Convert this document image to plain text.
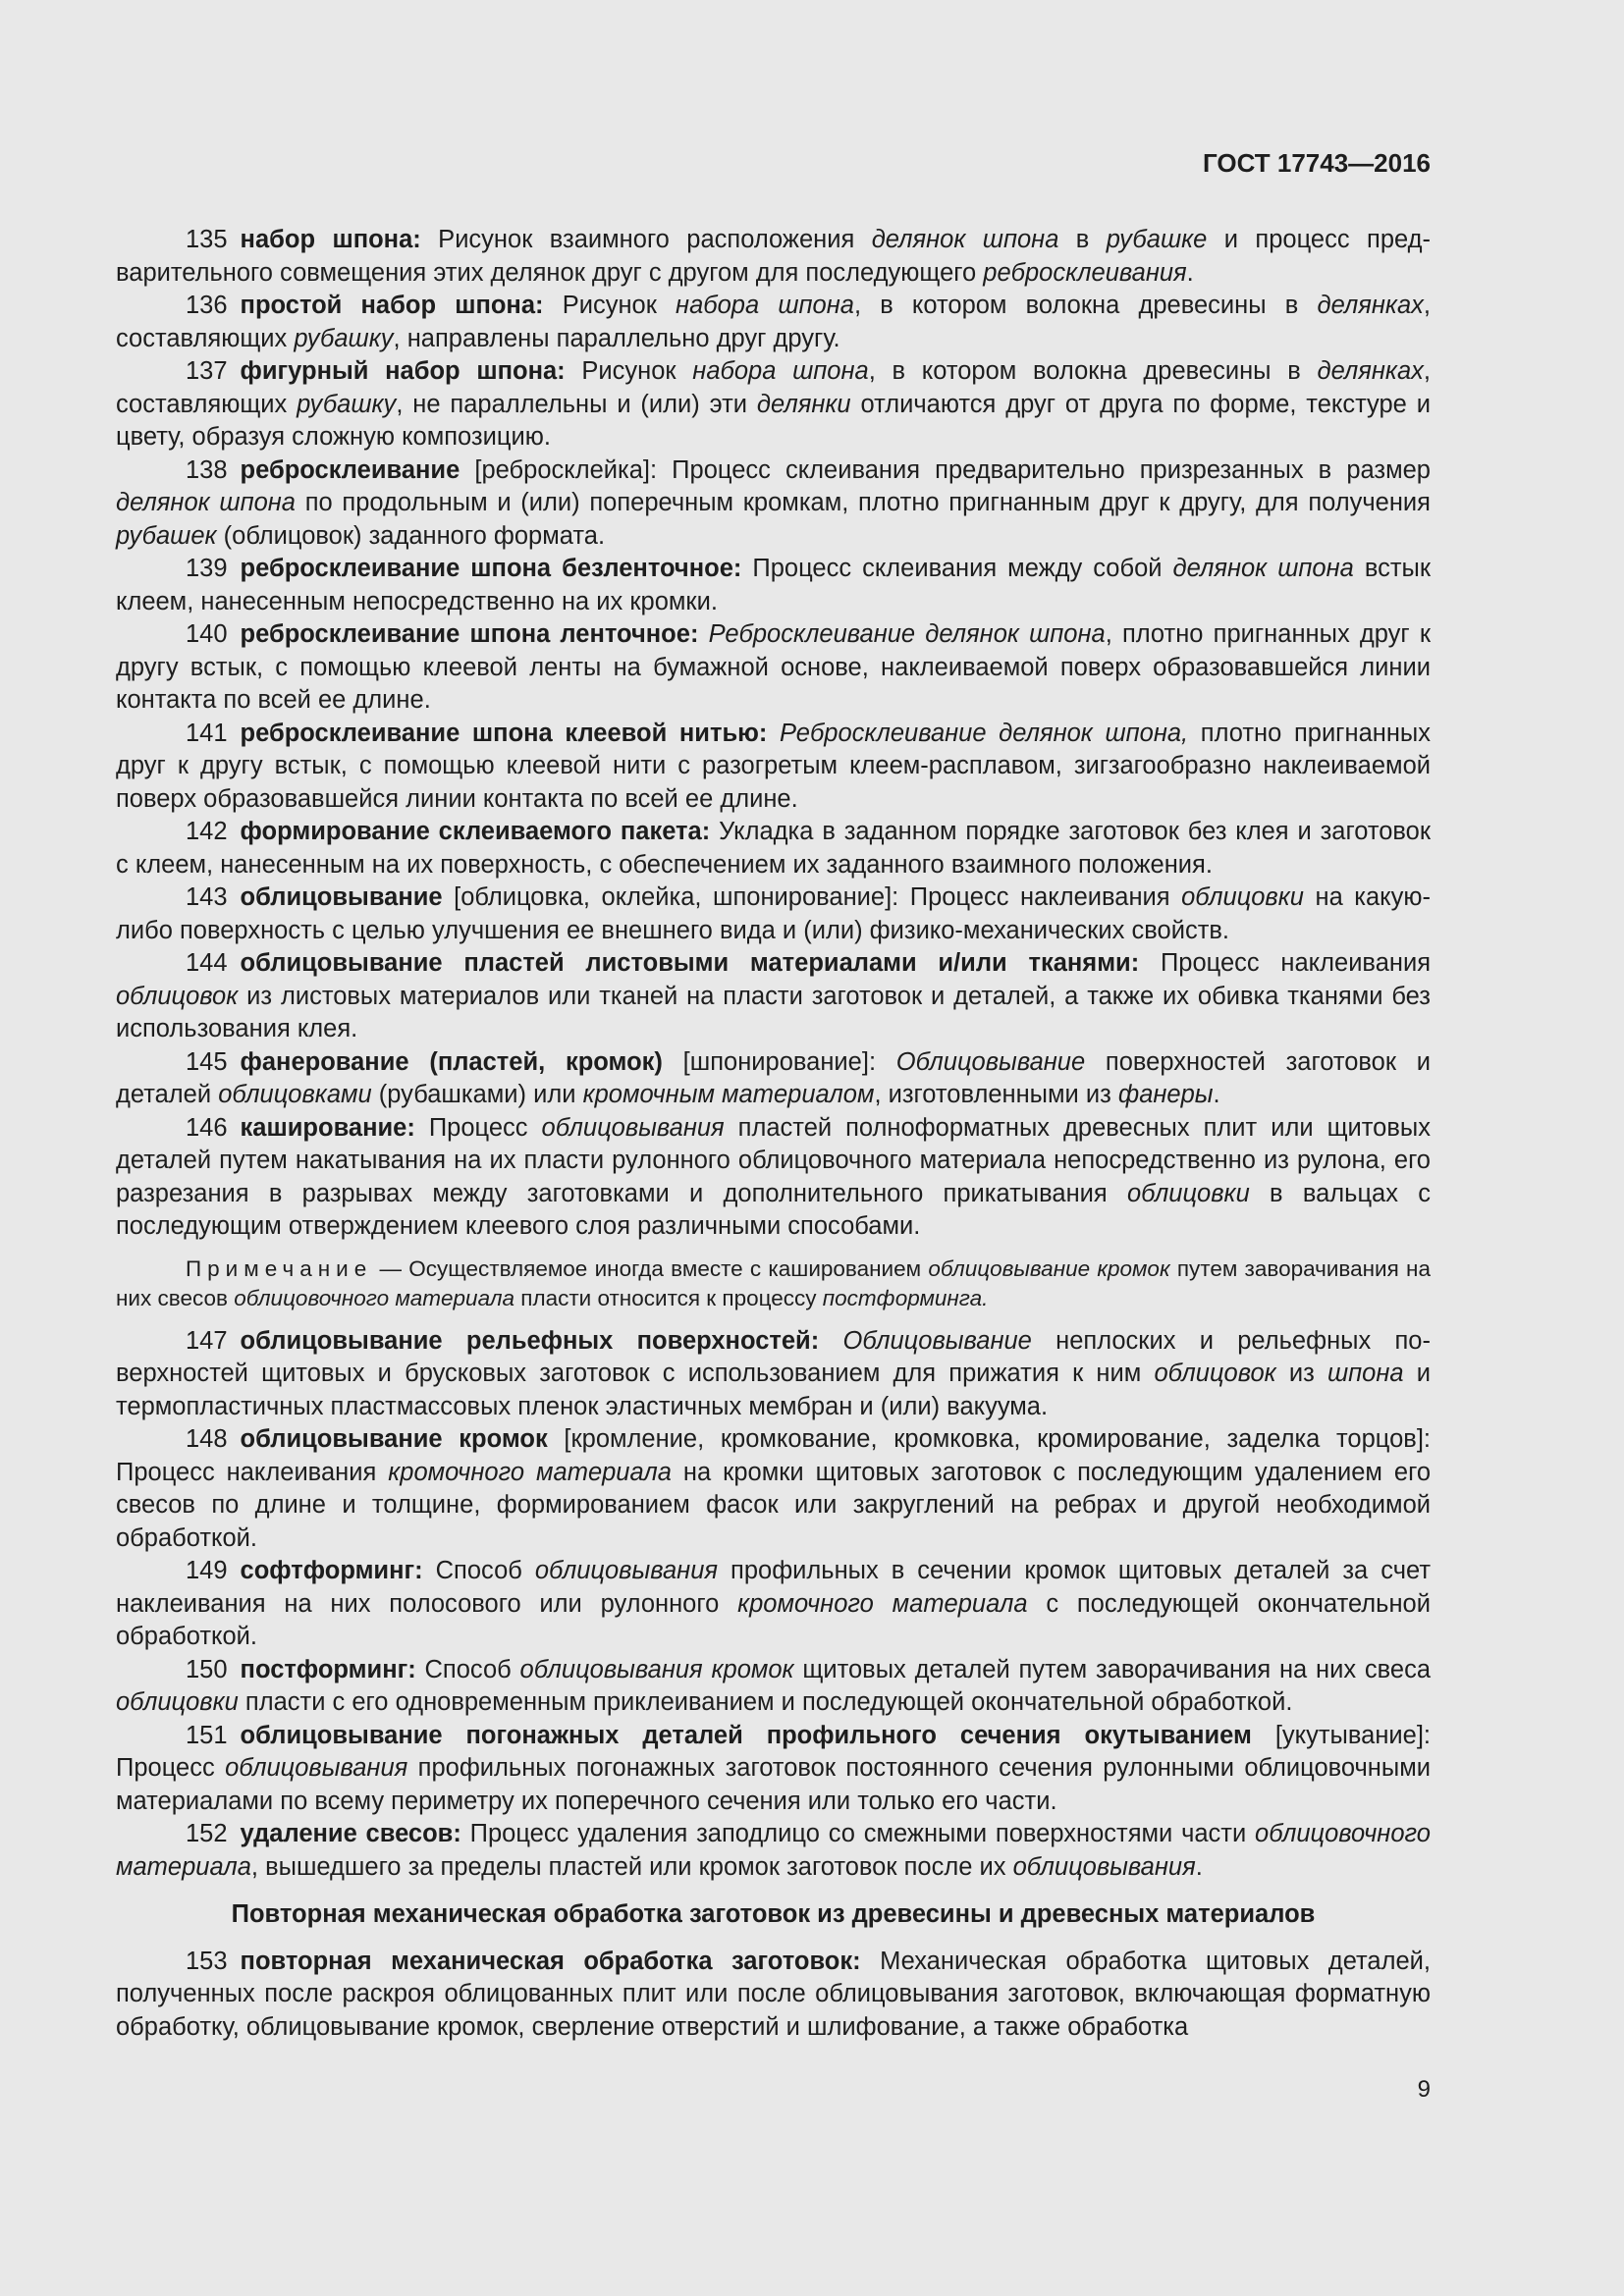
ГОСТ 17743—2016

135 набор шпона: Рисунок взаимного расположения делянок шпона в рубашке и процесс предварительного совмещения этих делянок друг с другом для последующего ребросклеивания.

136 простой набор шпона: Рисунок набора шпона, в котором волокна древесины в делянках, составляющих рубашку, направлены параллельно друг другу.

137 фигурный набор шпона: Рисунок набора шпона, в котором волокна древесины в делянках, составляющих рубашку, не параллельны и (или) эти делянки отличаются друг от друга по форме, текстуре и цвету, образуя сложную композицию.

138 ребросклеивание [ребросклейка]: Процесс склеивания предварительно призрезанных в размер делянок шпона по продольным и (или) поперечным кромкам, плотно пригнанным друг к другу, для получения рубашек (облицовок) заданного формата.

139 ребросклеивание шпона безленточное: Процесс склеивания между собой делянок шпона встык клеем, нанесенным непосредственно на их кромки.

140 ребросклеивание шпона ленточное: Ребросклеивание делянок шпона, плотно пригнанных друг к другу встык, с помощью клеевой ленты на бумажной основе, наклеиваемой поверх образовавшейся линии контакта по всей ее длине.

141 ребросклеивание шпона клеевой нитью: Ребросклеивание делянок шпона, плотно пригнанных друг к другу встык, с помощью клеевой нити с разогретым клеем-расплавом, зигзагообразно наклеиваемой поверх образовавшейся линии контакта по всей ее длине.

142 формирование склеиваемого пакета: Укладка в заданном порядке заготовок без клея и заготовок с клеем, нанесенным на их поверхность, с обеспечением их заданного взаимного положения.

143 облицовывание [облицовка, оклейка, шпонирование]: Процесс наклеивания облицовки на какую-либо поверхность с целью улучшения ее внешнего вида и (или) физико-механических свойств.

144 облицовывание пластей листовыми материалами и/или тканями: Процесс наклеивания облицовок из листовых материалов или тканей на пласти заготовок и деталей, а также их обивка тканями без использования клея.

145 фанерование (пластей, кромок) [шпонирование]: Облицовывание поверхностей заготовок и деталей облицовками (рубашками) или кромочным материалом, изготовленными из фанеры.

146 каширование: Процесс облицовывания пластей полноформатных древесных плит или щитовых деталей путем накатывания на их пласти рулонного облицовочного материала непосредственно из рулона, его разрезания в разрывах между заготовками и дополнительного прикатывания облицовки в вальцах с последующим отверждением клеевого слоя различными способами.

Примечание — Осуществляемое иногда вместе с кашированием облицовывание кромок путем заворачивания на них свесов облицовочного материала пласти относится к процессу постформинга.

147 облицовывание рельефных поверхностей: Облицовывание неплоских и рельефных поверхностей щитовых и брусковых заготовок с использованием для прижатия к ним облицовок из шпона и термопластичных пластмассовых пленок эластичных мембран и (или) вакуума.

148 облицовывание кромок [кромление, кромкование, кромковка, кромирование, заделка торцов]: Процесс наклеивания кромочного материала на кромки щитовых заготовок с последующим удалением его свесов по длине и толщине, формированием фасок или закруглений на ребрах и другой необходимой обработкой.

149 софтформинг: Способ облицовывания профильных в сечении кромок щитовых деталей за счет наклеивания на них полосового или рулонного кромочного материала с последующей окончательной обработкой.

150 постформинг: Способ облицовывания кромок щитовых деталей путем заворачивания на них свеса облицовки пласти с его одновременным приклеиванием и последующей окончательной обработкой.

151 облицовывание погонажных деталей профильного сечения окутыванием [укутывание]: Процесс облицовывания профильных погонажных заготовок постоянного сечения рулонными облицовочными материалами по всему периметру их поперечного сечения или только его части.

152 удаление свесов: Процесс удаления заподлицо со смежными поверхностями части облицовочного материала, вышедшего за пределы пластей или кромок заготовок после их облицовывания.

Повторная механическая обработка заготовок из древесины и древесных материалов

153 повторная механическая обработка заготовок: Механическая обработка щитовых деталей, полученных после раскроя облицованных плит или после облицовывания заготовок, включающая форматную обработку, облицовывание кромок, сверление отверстий и шлифование, а также обработка

9
